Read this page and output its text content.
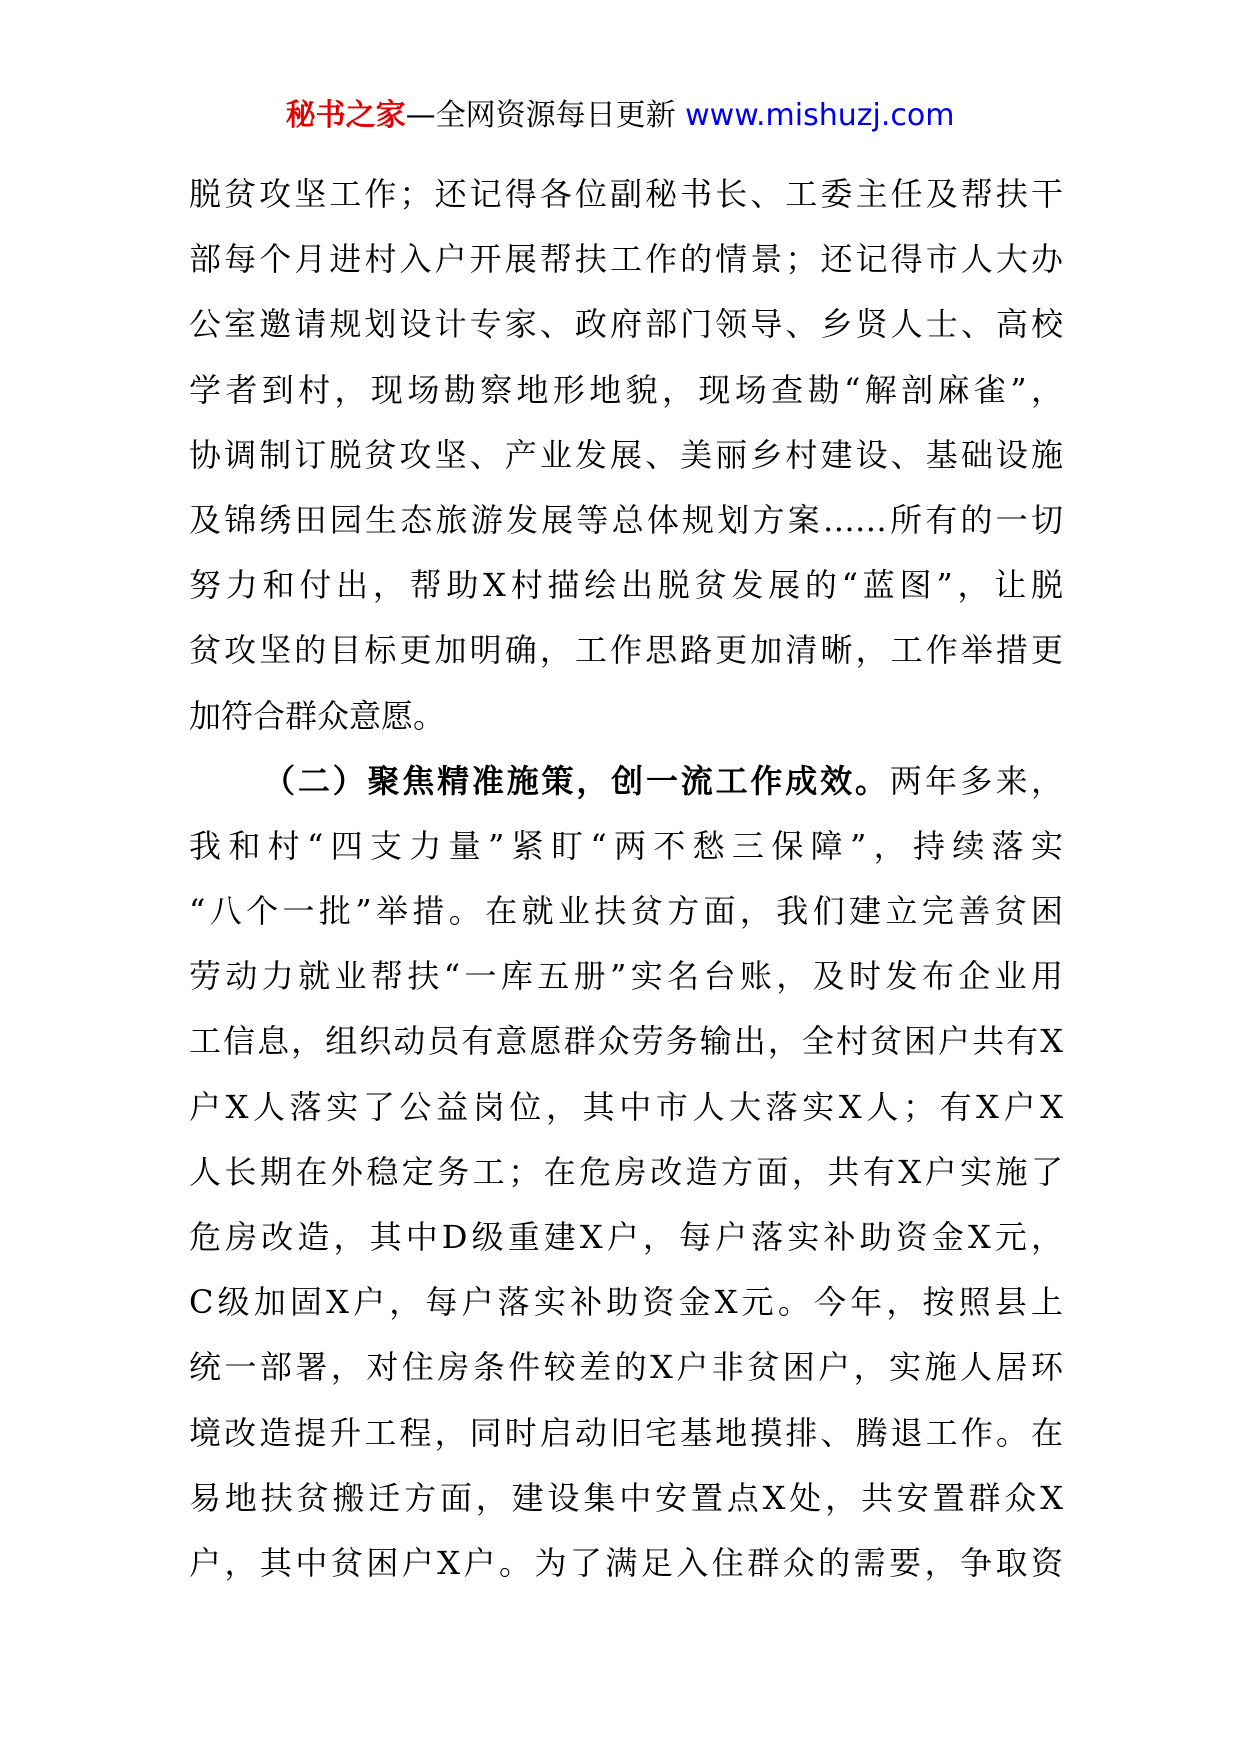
秘书之家—全网资源每日更新 www.mishuzj.com
脱贫攻坚工作；还记得各位副秘书长、工委主任及帮扶干
部每个月进村入户开展帮扶工作的情景；还记得市人大办
公室邀请规划设计专家、政府部门领导、乡贤人士、高校
学者到村，现场勘察地形地貌，现场查勘“解剖麻雀”，
协调制订脱贫攻坚、产业发展、美丽乡村建设、基础设施
及锦绣田园生态旅游发展等总体规划方案……所有的一切
努力和付出，帮助X村描绘出脱贫发展的“蓝图”，让脱
贫攻坚的目标更加明确，工作思路更加清晰，工作举措更
加符合群众意愿。
（二）聚焦精准施策，创一流工作成效。两年多来，
我和村“四支力量”紧盯“两不愁三保障”，持续落实
“八个一批”举措。在就业扶贫方面，我们建立完善贫困
劳动力就业帮扶“一库五册”实名台账，及时发布企业用
工信息，组织动员有意愿群众劳务输出，全村贫困户共有X
户X人落实了公益岗位，其中市人大落实X人；有X户X
人长期在外稳定务工；在危房改造方面，共有X户实施了
危房改造，其中D级重建X户，每户落实补助资金X元，
C级加固X户，每户落实补助资金X元。今年，按照县上
统一部署，对住房条件较差的X户非贫困户，实施人居环
境改造提升工程，同时启动旧宅基地摸排、腾退工作。在
易地扶贫搬迁方面，建设集中安置点X处，共安置群众X
户，其中贫困户X户。为了满足入住群众的需要，争取资
